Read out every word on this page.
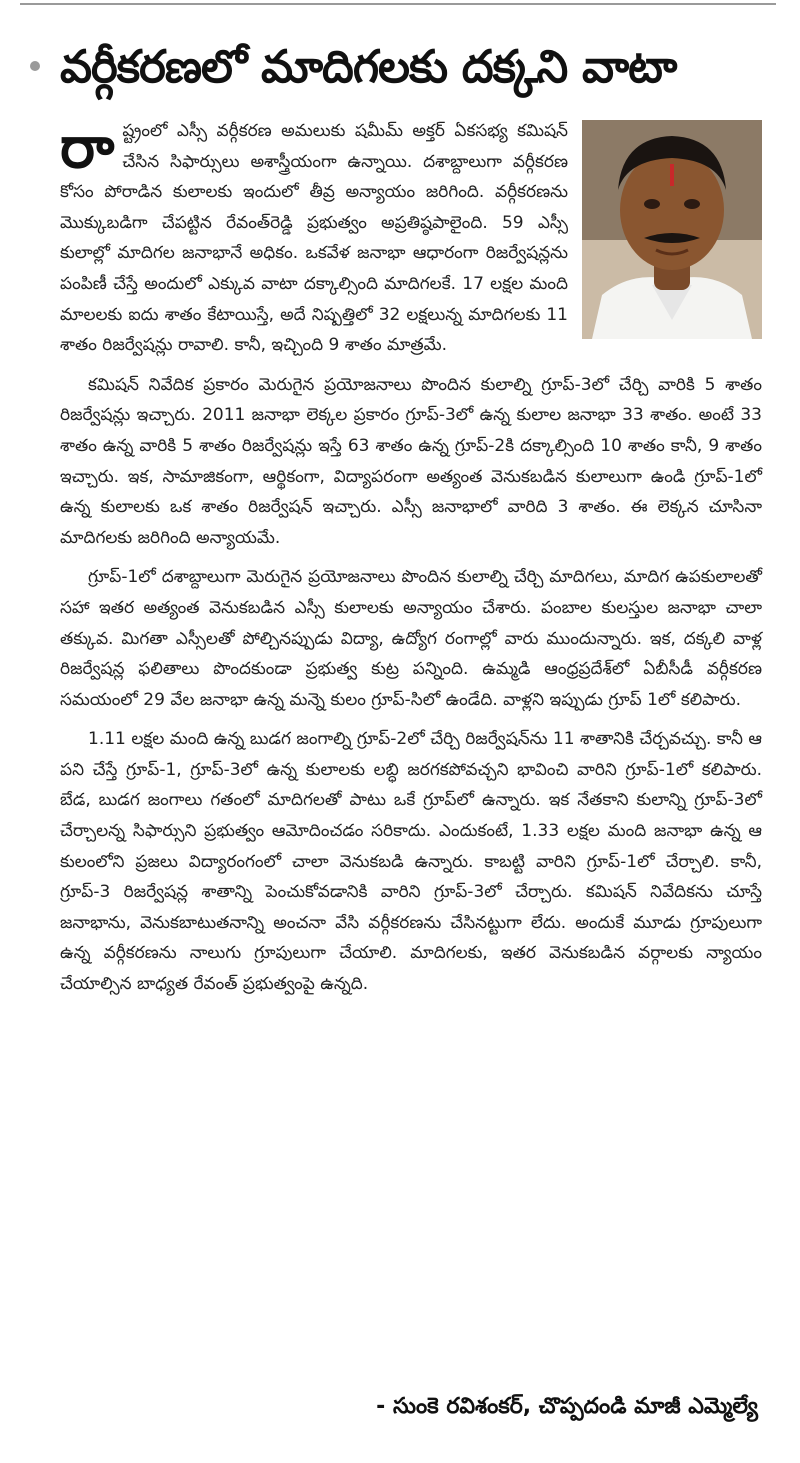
వర్గీకరణలో మాదిగలకు దక్కని వాటా

రాష్ట్రంలో ఎస్సీ వర్గీకరణ అమలుకు షమీమ్ అక్తర్ ఏకసభ్య కమిషన్ చేసిన సిఫార్సులు అశాస్త్రీయంగా ఉన్నాయి. దశాబ్దాలుగా వర్గీకరణ కోసం పోరాడిన కులాలకు ఇందులో తీవ్ర అన్యాయం జరిగింది. వర్గీకరణను మొక్కుబడిగా చేపట్టిన రేవంత్‌రెడ్డి ప్రభుత్వం అప్రతిష్ఠపాలైంది. 59 ఎస్సీ కులాల్లో మాదిగల జనాభానే అధికం. ఒకవేళ జనాభా ఆధారంగా రిజర్వేషన్లను పంపిణీ చేస్తే అందులో ఎక్కువ వాటా దక్కాల్సింది మాదిగలకే. 17 లక్షల మంది మాలలకు ఐదు శాతం కేటాయిస్తే, అదే నిష్పత్తిలో 32 లక్షలున్న మాదిగలకు 11 శాతం రిజర్వేషన్లు రావాలి. కానీ, ఇచ్చింది 9 శాతం మాత్రమే.

కమిషన్ నివేదిక ప్రకారం మెరుగైన ప్రయోజనాలు పొందిన కులాల్ని గ్రూప్-3లో చేర్చి వారికి 5 శాతం రిజర్వేషన్లు ఇచ్చారు. 2011 జనాభా లెక్కల ప్రకారం గ్రూప్-3లో ఉన్న కులాల జనాభా 33 శాతం. అంటే 33 శాతం ఉన్న వారికి 5 శాతం రిజర్వేషన్లు ఇస్తే 63 శాతం ఉన్న గ్రూప్-2కి దక్కాల్సింది 10 శాతం కానీ, 9 శాతం ఇచ్చారు. ఇక, సామాజికంగా, ఆర్థికంగా, విద్యాపరంగా అత్యంత వెనుకబడిన కులాలుగా ఉండి గ్రూప్-1లో ఉన్న కులాలకు ఒక శాతం రిజర్వేషన్ ఇచ్చారు. ఎస్సీ జనాభాలో వారిది 3 శాతం. ఈ లెక్కన చూసినా మాదిగలకు జరిగింది అన్యాయమే.

గ్రూప్-1లో దశాబ్దాలుగా మెరుగైన ప్రయోజనాలు పొందిన కులాల్ని చేర్చి మాదిగలు, మాదిగ ఉపకులాలతో సహా ఇతర అత్యంత వెనుకబడిన ఎస్సీ కులాలకు అన్యాయం చేశారు. పంబాల కులస్తుల జనాభా చాలా తక్కువ. మిగతా ఎస్సీలతో పోల్చినప్పుడు విద్యా, ఉద్యోగ రంగాల్లో వారు ముందున్నారు. ఇక, దక్కలి వాళ్ల రిజర్వేషన్ల ఫలితాలు పొందకుండా ప్రభుత్వ కుట్ర పన్నింది. ఉమ్మడి ఆంధ్రప్రదేశ్‌లో ఏబీసీడీ వర్గీకరణ సమయంలో 29 వేల జనాభా ఉన్న మన్నె కులం గ్రూప్-సిలో ఉండేది. వాళ్లని ఇప్పుడు గ్రూప్ 1లో కలిపారు.

1.11 లక్షల మంది ఉన్న బుడగ జంగాల్ని గ్రూప్-2లో చేర్చి రిజర్వేషన్‌ను 11 శాతానికి చేర్చవచ్చు. కానీ ఆ పని చేస్తే గ్రూప్-1, గ్రూప్-3లో ఉన్న కులాలకు లబ్ధి జరగకపోవచ్చని భావించి వారిని గ్రూప్-1లో కలిపారు. బేడ, బుడగ జంగాలు గతంలో మాదిగలతో పాటు ఒకే గ్రూప్‌లో ఉన్నారు. ఇక నేతకాని కులాన్ని గ్రూప్-3లో చేర్చాలన్న సిఫార్సుని ప్రభుత్వం ఆమోదించడం సరికాదు. ఎందుకంటే, 1.33 లక్షల మంది జనాభా ఉన్న ఆ కులంలోని ప్రజలు విద్యారంగంలో చాలా వెనుకబడి ఉన్నారు. కాబట్టి వారిని గ్రూప్-1లో చేర్చాలి. కానీ, గ్రూప్-3 రిజర్వేషన్ల శాతాన్ని పెంచుకోవడానికి వారిని గ్రూప్-3లో చేర్చారు. కమిషన్ నివేదికను చూస్తే జనాభాను, వెనుకబాటుతనాన్ని అంచనా వేసి వర్గీకరణను చేసినట్టుగా లేదు. అందుకే మూడు గ్రూపులుగా ఉన్న వర్గీకరణను నాలుగు గ్రూపులుగా చేయాలి. మాదిగలకు, ఇతర వెనుకబడిన వర్గాలకు న్యాయం చేయాల్సిన బాధ్యత రేవంత్ ప్రభుత్వంపై ఉన్నది.

- సుంకె రవిశంకర్, చొప్పదండి మాజీ ఎమ్మెల్యే
